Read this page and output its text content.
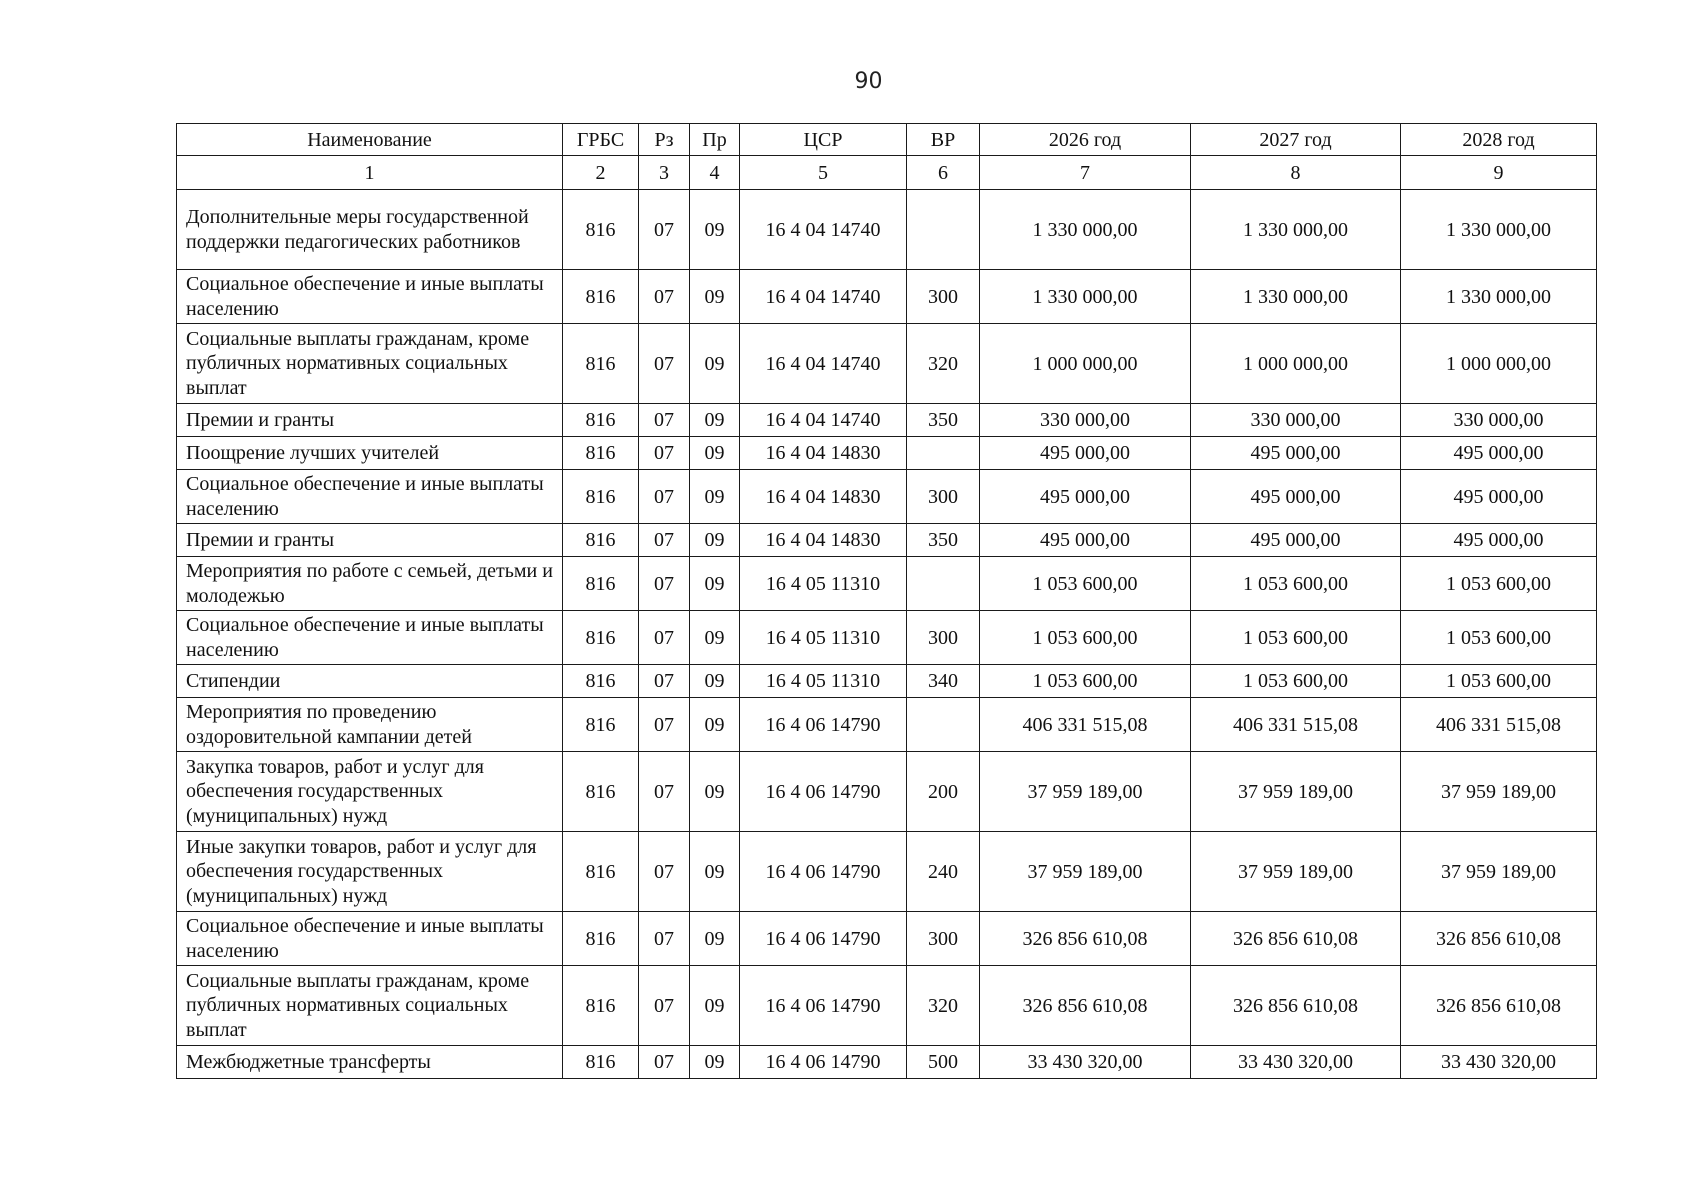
90
Наименование	ГРБС	Рз	Пр	ЦСР	ВР	2026 год	2027 год	2028 год
1	2	3	4	5	6	7	8	9
Дополнительные меры государственной поддержки педагогических работников	816	07	09	16 4 04 14740		1 330 000,00	1 330 000,00	1 330 000,00
Социальное обеспечение и иные выплаты населению	816	07	09	16 4 04 14740	300	1 330 000,00	1 330 000,00	1 330 000,00
Социальные выплаты гражданам, кроме публичных нормативных социальных выплат	816	07	09	16 4 04 14740	320	1 000 000,00	1 000 000,00	1 000 000,00
Премии и гранты	816	07	09	16 4 04 14740	350	330 000,00	330 000,00	330 000,00
Поощрение лучших учителей	816	07	09	16 4 04 14830		495 000,00	495 000,00	495 000,00
Социальное обеспечение и иные выплаты населению	816	07	09	16 4 04 14830	300	495 000,00	495 000,00	495 000,00
Премии и гранты	816	07	09	16 4 04 14830	350	495 000,00	495 000,00	495 000,00
Мероприятия по работе с семьей, детьми и молодежью	816	07	09	16 4 05 11310		1 053 600,00	1 053 600,00	1 053 600,00
Социальное обеспечение и иные выплаты населению	816	07	09	16 4 05 11310	300	1 053 600,00	1 053 600,00	1 053 600,00
Стипендии	816	07	09	16 4 05 11310	340	1 053 600,00	1 053 600,00	1 053 600,00
Мероприятия по проведению оздоровительной кампании детей	816	07	09	16 4 06 14790		406 331 515,08	406 331 515,08	406 331 515,08
Закупка товаров, работ и услуг для обеспечения государственных (муниципальных) нужд	816	07	09	16 4 06 14790	200	37 959 189,00	37 959 189,00	37 959 189,00
Иные закупки товаров, работ и услуг для обеспечения государственных (муниципальных) нужд	816	07	09	16 4 06 14790	240	37 959 189,00	37 959 189,00	37 959 189,00
Социальное обеспечение и иные выплаты населению	816	07	09	16 4 06 14790	300	326 856 610,08	326 856 610,08	326 856 610,08
Социальные выплаты гражданам, кроме публичных нормативных социальных выплат	816	07	09	16 4 06 14790	320	326 856 610,08	326 856 610,08	326 856 610,08
Межбюджетные трансферты	816	07	09	16 4 06 14790	500	33 430 320,00	33 430 320,00	33 430 320,00
